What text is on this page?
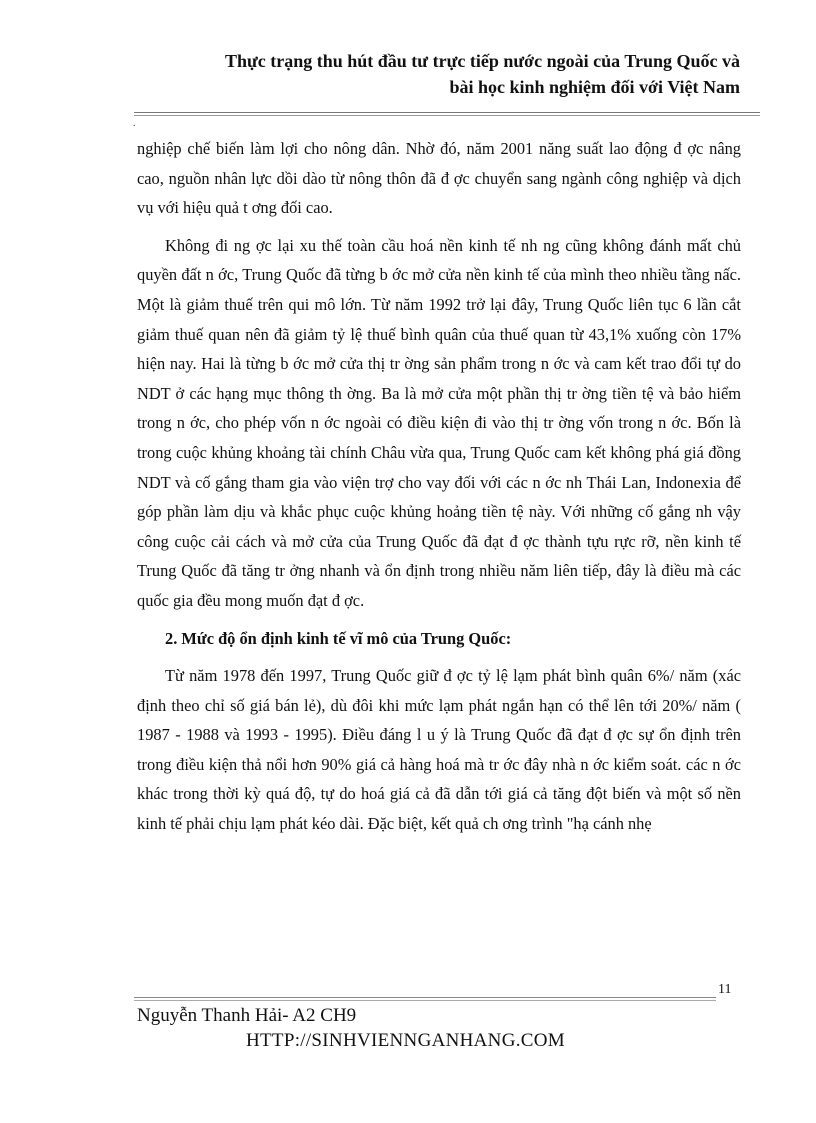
Thực trạng thu hút đầu tư trực tiếp nước ngoài của Trung Quốc và
bài học kinh nghiệm đối với Việt Nam
.

nghiệp chế biến làm lợi cho nông dân. Nhờ đó, năm 2001 năng suất lao động đ ợc nâng cao, nguồn nhân lực dồi dào từ nông thôn đã đ ợc chuyển sang ngành công nghiệp và dịch vụ với hiệu quả t ơng đối cao.

Không đi ng ợc lại xu thế toàn cầu hoá nền kinh tế nh ng cũng không đánh mất chủ quyền đất n ớc, Trung Quốc đã từng b ớc mở cửa nền kinh tế của mình theo nhiều tầng nấc. Một là giảm thuế trên qui mô lớn. Từ năm 1992 trở lại đây, Trung Quốc liên tục 6 lần cắt giảm thuế quan nên đã giảm tỷ lệ thuế bình quân của thuế quan từ 43,1% xuống còn 17% hiện nay. Hai là từng b ớc mở cửa thị tr ờng sản phẩm trong n ớc và cam kết trao đổi tự do NDT ở các hạng mục thông th ờng. Ba là mở cửa một phần thị tr ờng tiền tệ và bảo hiểm trong n ớc, cho phép vốn n ớc ngoài có điều kiện đi vào thị tr ờng vốn trong n ớc. Bốn là trong cuộc khủng khoảng tài chính Châu vừa qua, Trung Quốc cam kết không phá giá đồng NDT và cố gắng tham gia vào viện trợ cho vay đối với các n ớc nh Thái Lan, Indonexia để góp phần làm dịu và khắc phục cuộc khủng hoảng tiền tệ này. Với những cố gắng nh vậy công cuộc cải cách và mở cửa của Trung Quốc đã đạt đ ợc thành tựu rực rỡ, nền kinh tế Trung Quốc đã tăng tr ởng nhanh và ổn định trong nhiều năm liên tiếp, đây là điều mà các quốc gia đều mong muốn đạt đ ợc.

2. Mức độ ổn định kinh tế vĩ mô của Trung Quốc:

Từ năm 1978 đến 1997, Trung Quốc giữ đ ợc tỷ lệ lạm phát bình quân 6%/ năm (xác định theo chỉ số giá bán lẻ), dù đôi khi mức lạm phát ngắn hạn có thể lên tới 20%/ năm ( 1987 - 1988 và 1993 - 1995). Điều đáng l u ý là Trung Quốc đã đạt đ ợc sự ổn định trên trong điều kiện thả nổi hơn 90% giá cả hàng hoá mà tr ớc đây nhà n ớc kiểm soát. các n ớc khác trong thời kỳ quá độ, tự do hoá giá cả đã dẫn tới giá cả tăng đột biến và một số nền kinh tế phải chịu lạm phát kéo dài. Đặc biệt, kết quả ch ơng trình "hạ cánh nhẹ

11
Nguyễn Thanh Hải- A2 CH9
HTTP://SINHVIENNGANHANG.COM
